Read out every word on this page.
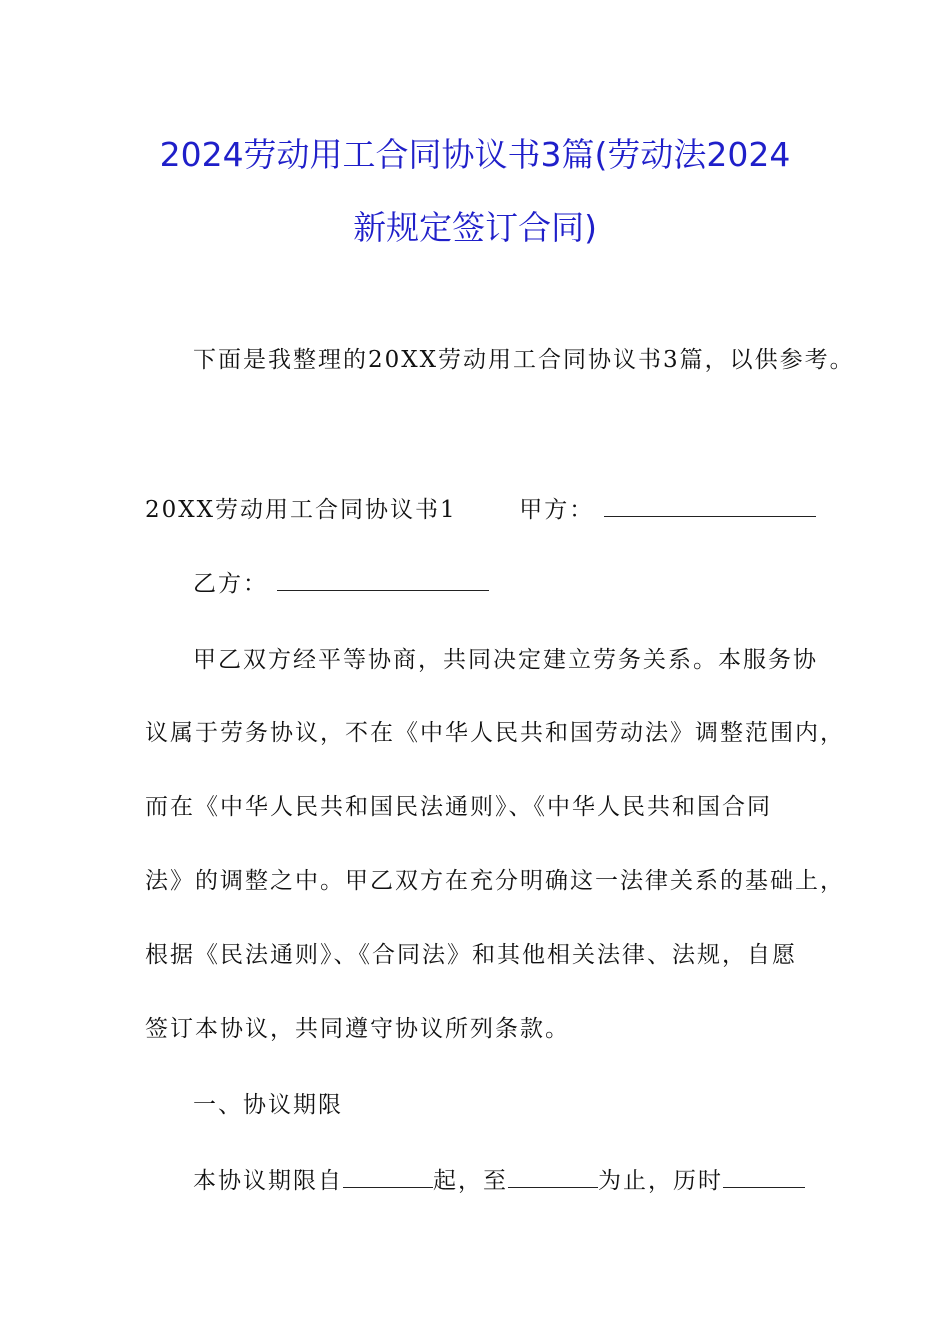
2024劳动用工合同协议书3篇(劳动法2024
新规定签订合同)
下面是我整理的20XX劳动用工合同协议书3篇，以供参考。
20XX劳动用工合同协议书1	甲方：
乙方：
甲乙双方经平等协商，共同决定建立劳务关系。本服务协
议属于劳务协议，不在《中华人民共和国劳动法》调整范围内，
而在《中华人民共和国民法通则》、《中华人民共和国合同
法》的调整之中。甲乙双方在充分明确这一法律关系的基础上，
根据《民法通则》、《合同法》和其他相关法律、法规，自愿
签订本协议，共同遵守协议所列条款。
一、协议期限
本协议期限自	起，至	为止，历时
